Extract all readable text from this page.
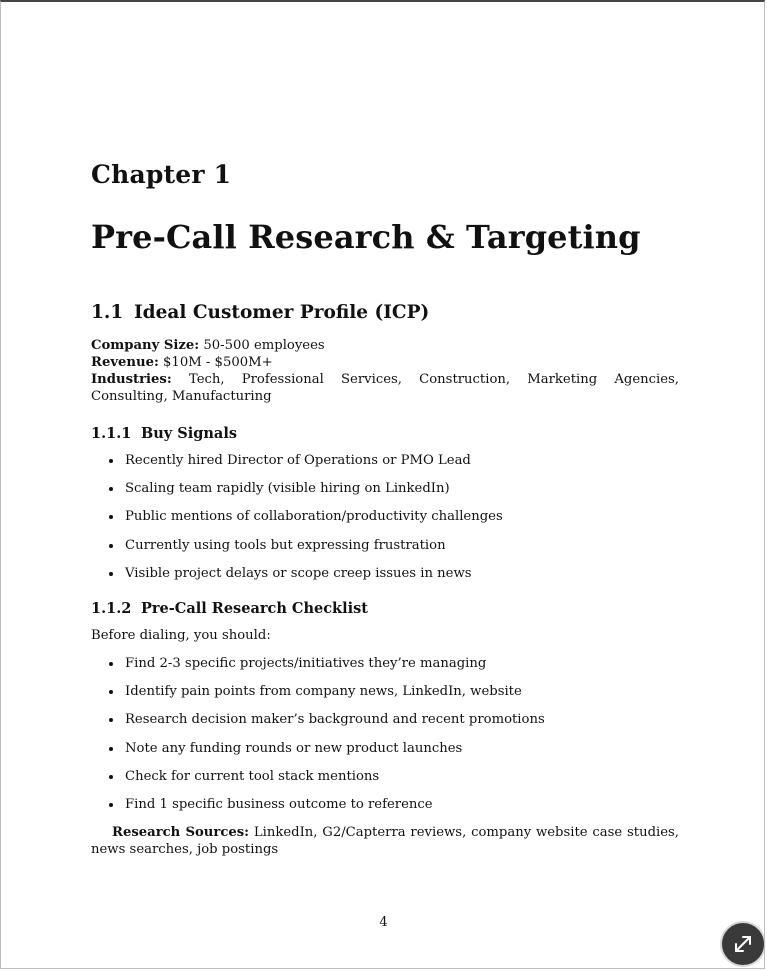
Chapter 1
Pre-Call Research & Targeting
1.1 Ideal Customer Profile (ICP)
Company Size: 50-500 employees
Revenue: $10M - $500M+
Industries: Tech, Professional Services, Construction, Marketing Agencies, Consulting, Manufacturing
1.1.1 Buy Signals
Recently hired Director of Operations or PMO Lead
Scaling team rapidly (visible hiring on LinkedIn)
Public mentions of collaboration/productivity challenges
Currently using tools but expressing frustration
Visible project delays or scope creep issues in news
1.1.2 Pre-Call Research Checklist

Before dialing, you should:

Find 2-3 specific projects/initiatives they’re managing
Identify pain points from company news, LinkedIn, website
Research decision maker’s background and recent promotions
Note any funding rounds or new product launches
Check for current tool stack mentions
Find 1 specific business outcome to reference

Research Sources: LinkedIn, G2/Capterra reviews, company website case studies, news searches, job postings

4
